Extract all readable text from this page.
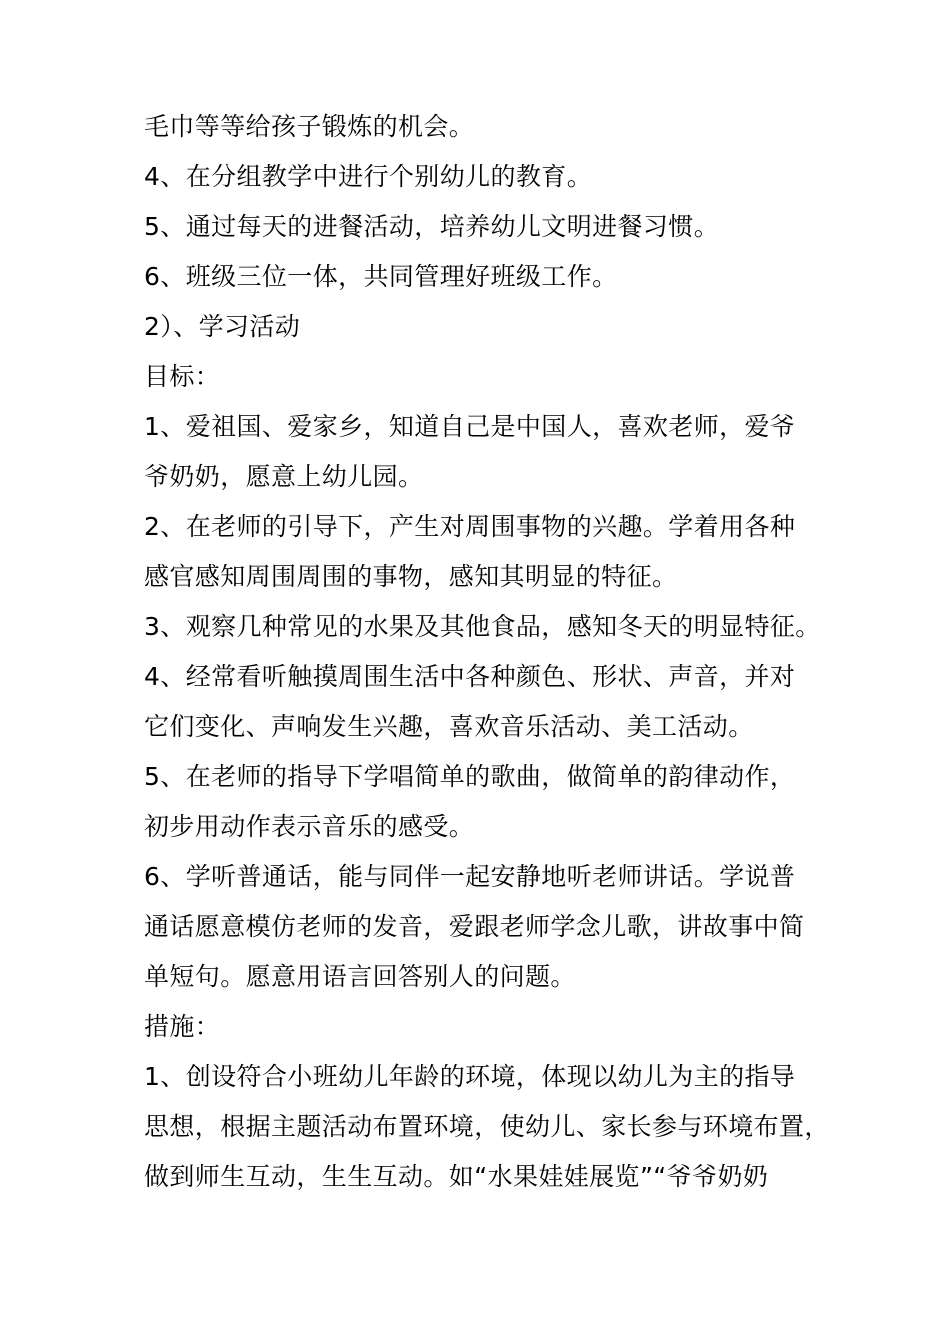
毛巾等等给孩子锻炼的机会。
4、在分组教学中进行个别幼儿的教育。
5、通过每天的进餐活动，培养幼儿文明进餐习惯。
6、班级三位一体，共同管理好班级工作。
2）、学习活动
目标：
1、爱祖国、爱家乡，知道自己是中国人，喜欢老师，爱爷
爷奶奶，愿意上幼儿园。
2、在老师的引导下，产生对周围事物的兴趣。学着用各种
感官感知周围周围的事物，感知其明显的特征。
3、观察几种常见的水果及其他食品，感知冬天的明显特征。
4、经常看听触摸周围生活中各种颜色、形状、声音，并对
它们变化、声响发生兴趣，喜欢音乐活动、美工活动。
5、在老师的指导下学唱简单的歌曲，做简单的韵律动作，
初步用动作表示音乐的感受。
6、学听普通话，能与同伴一起安静地听老师讲话。学说普
通话愿意模仿老师的发音，爱跟老师学念儿歌，讲故事中简
单短句。愿意用语言回答别人的问题。
措施：
1、创设符合小班幼儿年龄的环境，体现以幼儿为主的指导
思想，根据主题活动布置环境，使幼儿、家长参与环境布置，
做到师生互动，生生互动。如“水果娃娃展览”“爷爷奶奶
